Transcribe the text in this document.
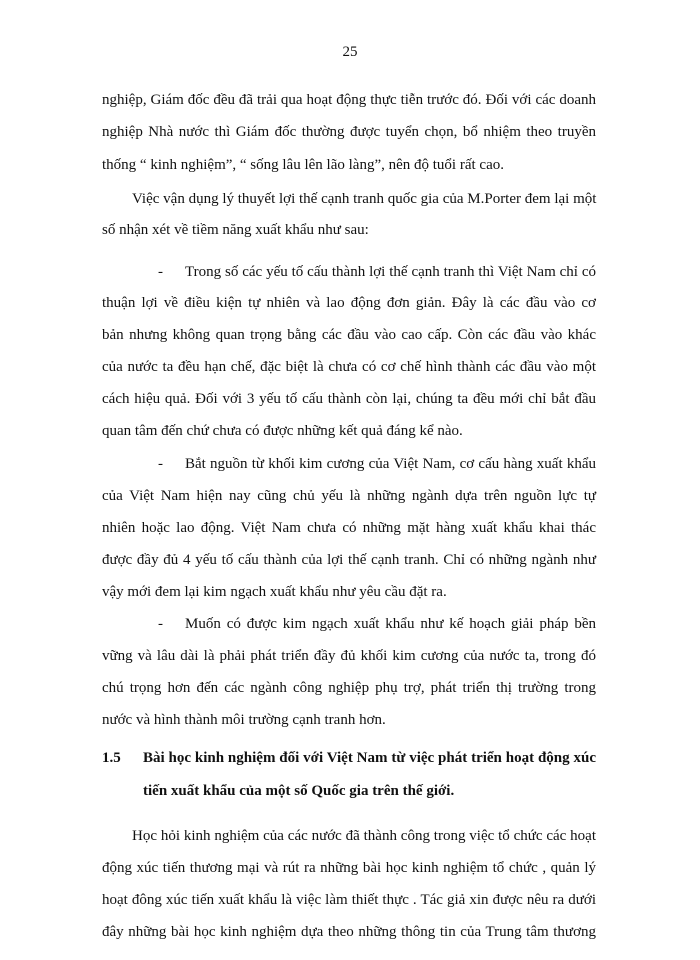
25
nghiệp, Giám đốc đều đã trải qua hoạt động thực tiễn trước đó. Đối với các doanh
nghiệp Nhà nước thì Giám đốc thường được tuyển chọn, bổ nhiệm theo truyền
thống “ kinh nghiệm”, “ sống lâu lên lão làng”, nên độ tuổi rất cao.
Việc vận dụng lý thuyết lợi thế cạnh tranh quốc gia của M.Porter đem lại một
số nhận xét về tiềm năng xuất khẩu như sau:
- Trong số các yếu tố cấu thành lợi thế cạnh tranh thì Việt Nam chỉ có
thuận lợi về điều kiện tự nhiên và lao động đơn giản. Đây là các đầu vào cơ
bản nhưng không quan trọng bằng các đầu vào cao cấp. Còn các đầu vào khác
của nước ta đều hạn chế, đặc biệt là chưa có cơ chế hình thành các đầu vào một
cách hiệu quả. Đối với 3 yếu tố cấu thành còn lại, chúng ta đều mới chỉ bắt đầu
quan tâm đến chứ chưa có được những kết quả đáng kể nào.
- Bắt nguồn từ khối kim cương của Việt Nam, cơ cấu hàng xuất khẩu
của Việt Nam hiện nay cũng chủ yếu là những ngành dựa trên nguồn lực tự
nhiên hoặc lao động. Việt Nam chưa có những mặt hàng xuất khẩu khai thác
được đầy đủ 4 yếu tố cấu thành của lợi thế cạnh tranh. Chỉ có những ngành như
vậy mới đem lại kim ngạch xuất khẩu như yêu cầu đặt ra.
- Muốn có được kim ngạch xuất khẩu như kế hoạch giải pháp bền
vững và lâu dài là phải phát triển đầy đủ khối kim cương của nước ta, trong đó
chú trọng hơn đến các ngành công nghiệp phụ trợ, phát triển thị trường trong
nước và hình thành môi trường cạnh tranh hơn.
1.5 Bài học kinh nghiệm đối với Việt Nam từ việc phát triển hoạt động xúc
tiến xuất khẩu của một số Quốc gia trên thế giới.
Học hỏi kinh nghiệm của các nước đã thành công trong việc tổ chức các hoạt
động xúc tiến thương mại và rút ra những bài học kinh nghiệm tổ chức , quản lý
hoạt đông xúc tiến xuất khẩu là việc làm thiết thực . Tác giả xin được nêu ra dưới
đây những bài học kinh nghiệm dựa theo những thông tin của Trung tâm thương
